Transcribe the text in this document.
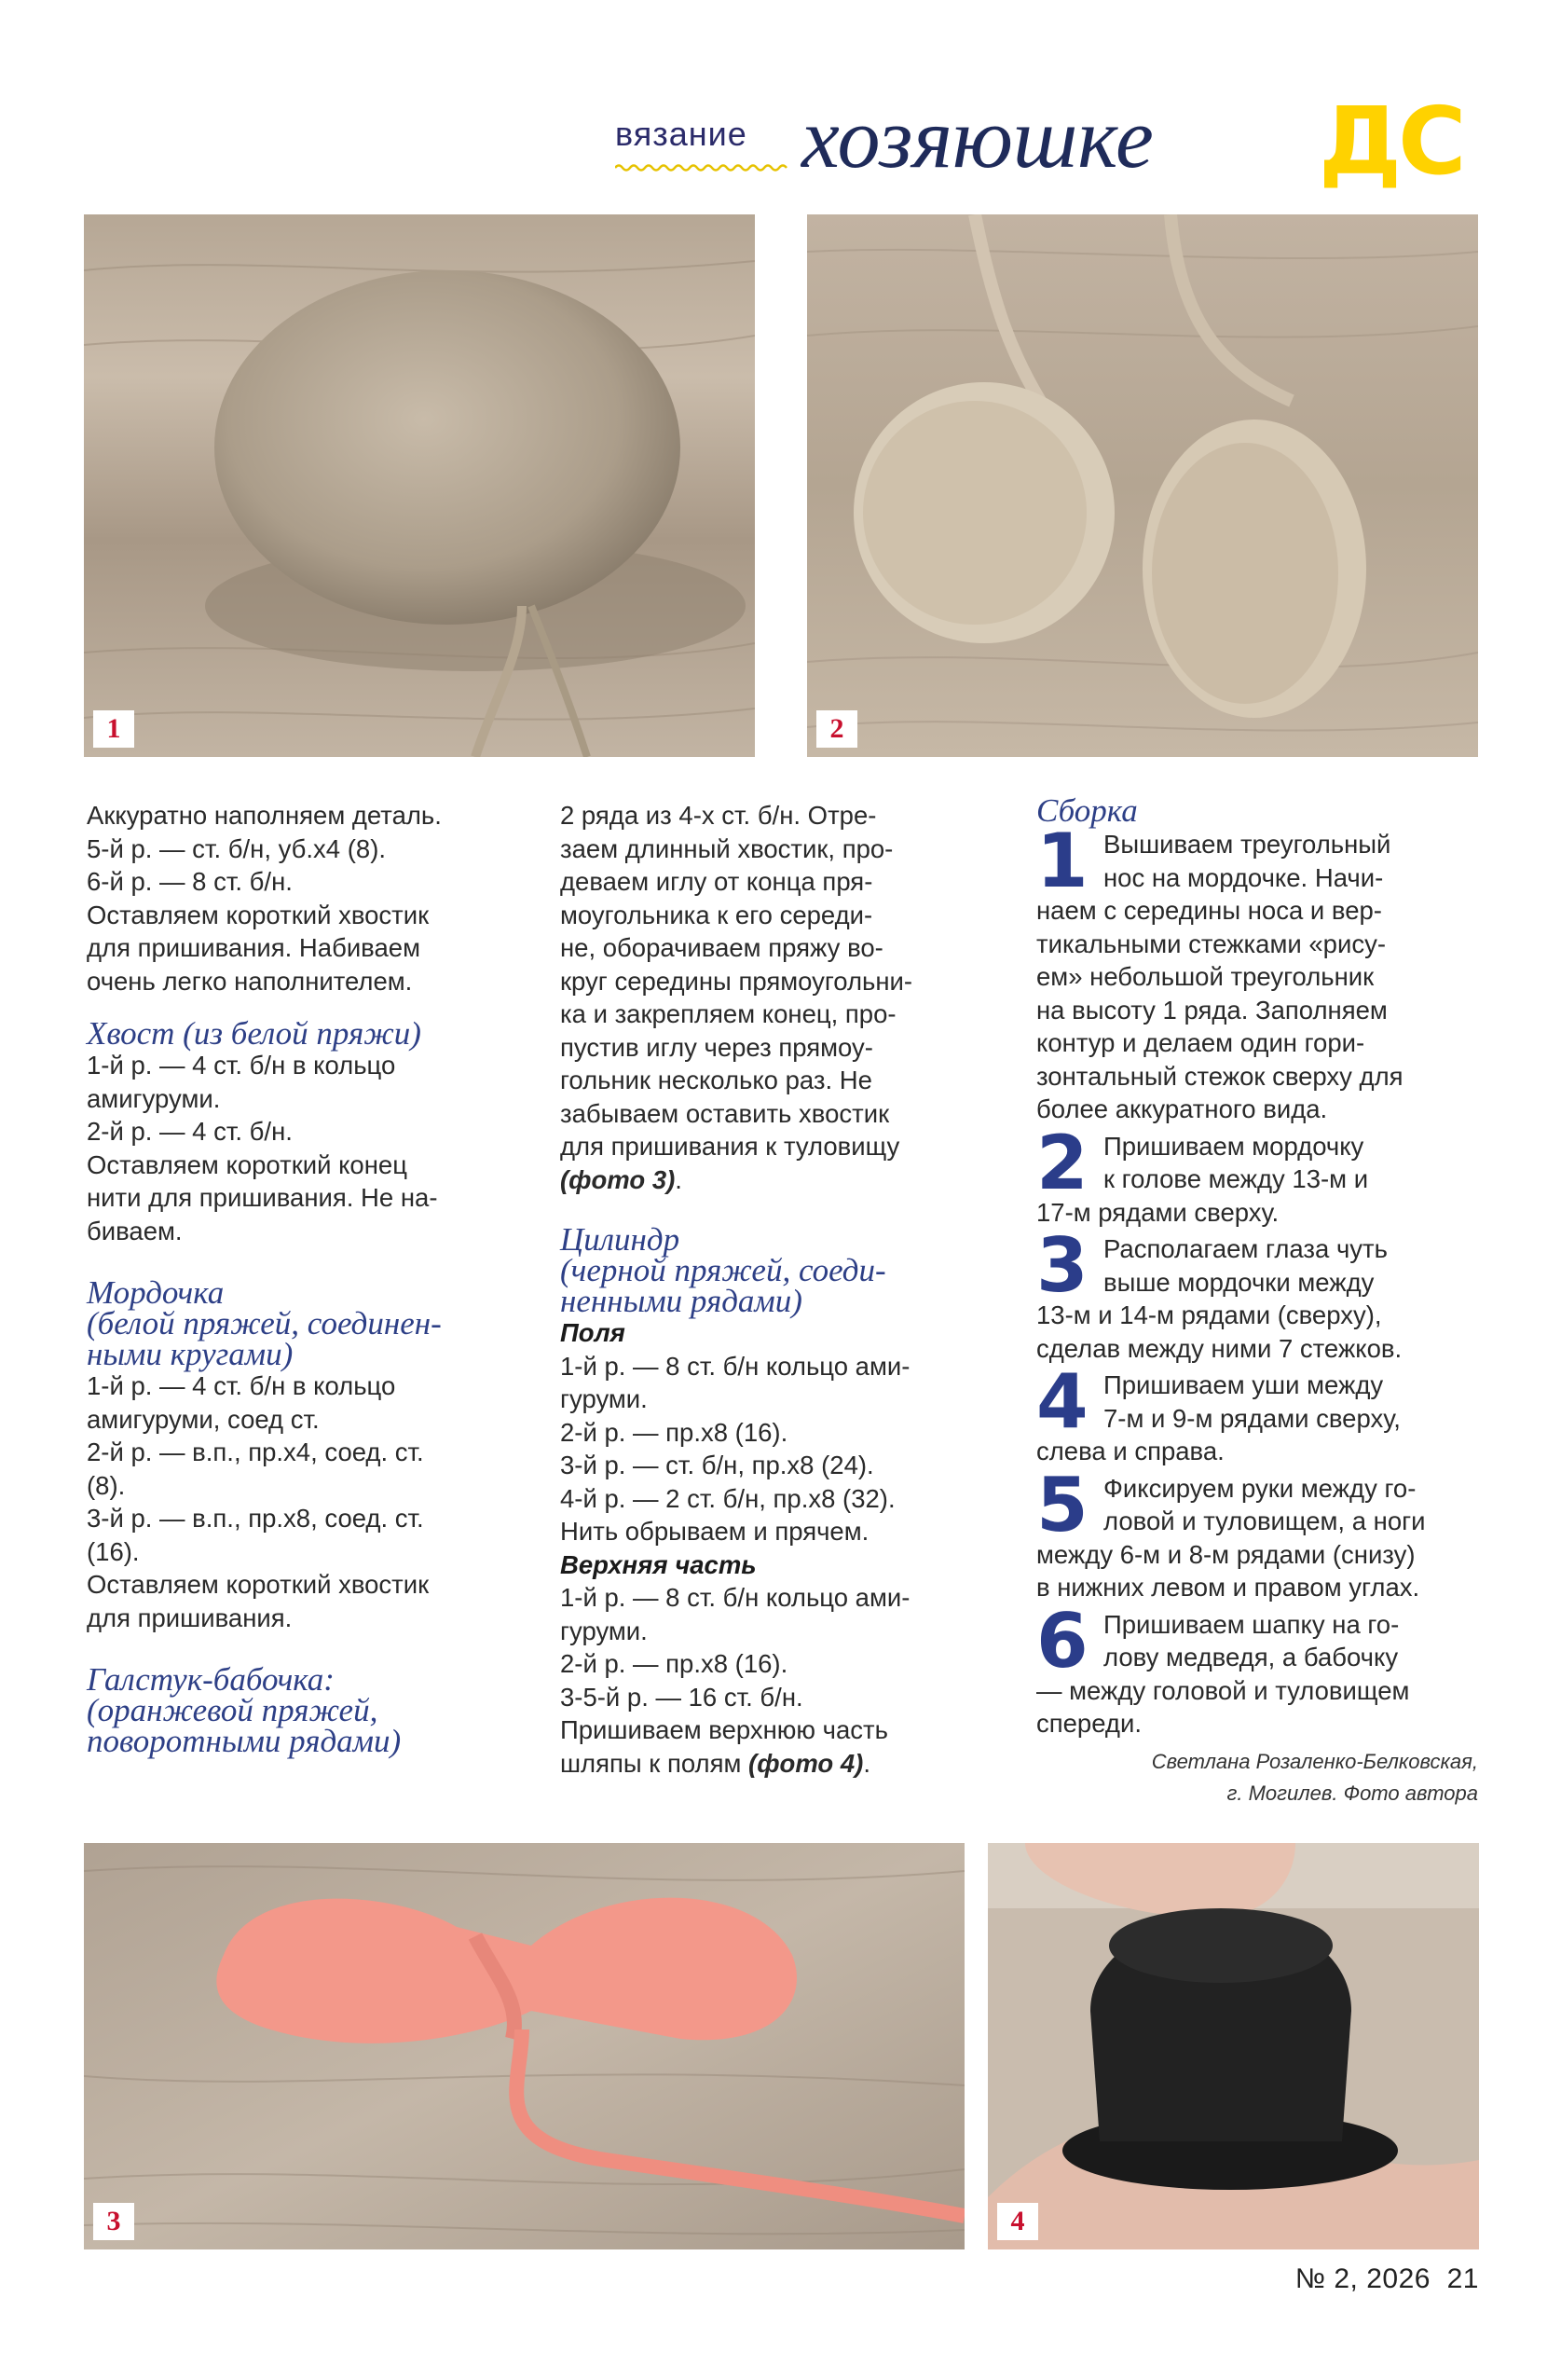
вязание хозяюшке ДС
1	2

Аккуратно наполняем деталь.

5-й р. — ст. б/н, уб.х4 (8).

6-й р. — 8 ст. б/н.

Оставляем короткий хвостик

для пришивания. Набиваем

очень легко наполнителем.

Хвост (из белой пряжи)

1-й р. — 4 ст. б/н в кольцо

амигуруми.

2-й р. — 4 ст. б/н.

Оставляем короткий конец

нити для пришивания. Не на-

биваем.

Мордочка
(белой пряжей, соединен-
ными кругами)

1-й р. — 4 ст. б/н в кольцо

амигуруми, соед ст.

2-й р. — в.п., пр.х4, соед. ст.

(8).

3-й р. — в.п., пр.х8, соед. ст.

(16).

Оставляем короткий хвостик

для пришивания.

Галстук-бабочка:
(оранжевой пряжей,
поворотными рядами)

2 ряда из 4-х ст. б/н. Отре-

заем длинный хвостик, про-

деваем иглу от конца пря-

моугольника к его середи-

не, оборачиваем пряжу во-

круг середины прямоугольни-

ка и закрепляем конец, про-

пустив иглу через прямоу-

гольник несколько раз. Не

забываем оставить хвостик

для пришивания к туловищу

(фото 3).

Цилиндр
(черной пряжей, соеди-
ненными рядами)

Поля

1-й р. — 8 ст. б/н кольцо ами-

гуруми.

2-й р. — пр.х8 (16).

3-й р. — ст. б/н, пр.х8 (24).

4-й р. — 2 ст. б/н, пр.х8 (32).

Нить обрываем и прячем.

Верхняя часть

1-й р. — 8 ст. б/н кольцо ами-

гуруми.

2-й р. — пр.х8 (16).

3-5-й р. — 16 ст. б/н.

Пришиваем верхнюю часть

шляпы к полям (фото 4).

Сборка
1 Вышиваем треугольный

нос на мордочке. Начи-

наем с середины носа и вер-

тикальными стежками «рису-

ем» небольшой треугольник

на высоту 1 ряда. Заполняем

контур и делаем один гори-

зонтальный стежок сверху для

более аккуратного вида.

2 Пришиваем мордочку

к голове между 13-м и

17-м рядами сверху.

3 Располагаем глаза чуть

выше мордочки между

13-м и 14-м рядами (сверху),

сделав между ними 7 стежков.

4 Пришиваем уши между

7-м и 9-м рядами сверху,

слева и справа.

5 Фиксируем руки между го-

ловой и туловищем, а ноги

между 6-м и 8-м рядами (снизу)

в нижних левом и правом углах.

6 Пришиваем шапку на го-

лову медведя, а бабочку

— между головой и туловищем

спереди.

Светлана Розаленко-Белковская,

г. Могилев. Фото автора

3	4
№ 2, 2026 21
